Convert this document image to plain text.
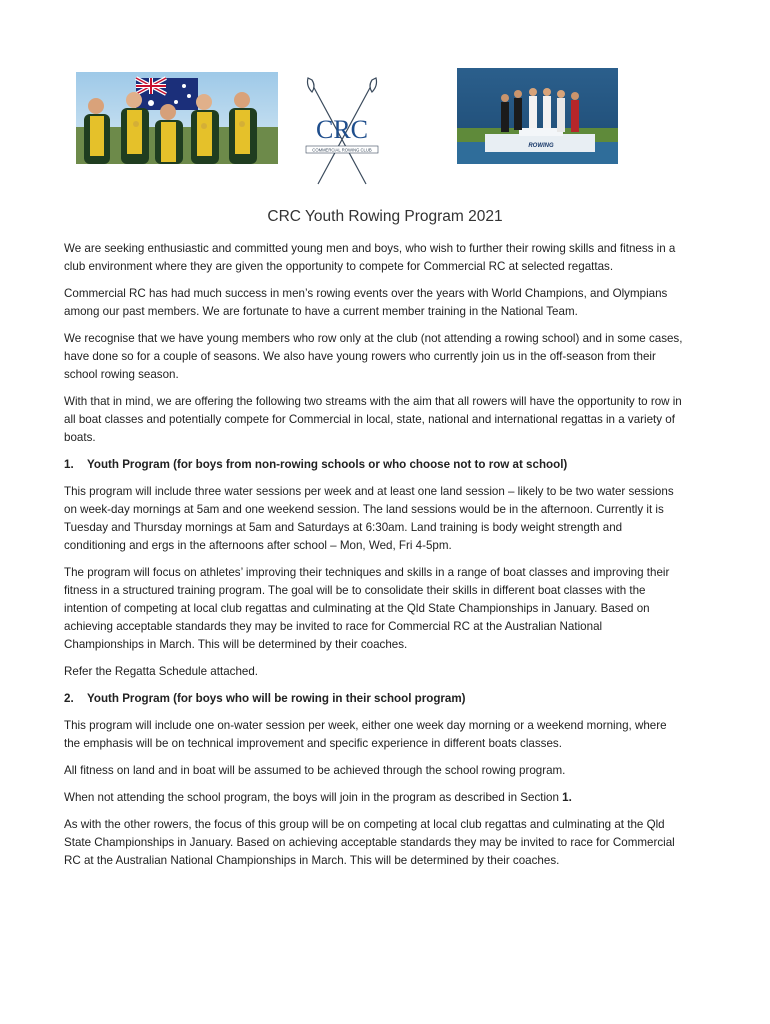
CRC
COMMERCIAL ROWING CLUB
ROWING
CRC Youth Rowing Program 2021

We are seeking enthusiastic and committed young men and boys, who wish to further their rowing skills and fitness in a club environment where they are given the opportunity to compete for Commercial RC at selected regattas.

Commercial RC has had much success in men’s rowing events over the years with World Champions, and Olympians among our past members. We are fortunate to have a current member training in the National Team.

We recognise that we have young members who row only at the club (not attending a rowing school) and in some cases, have done so for a couple of seasons. We also have young rowers who currently join us in the off-season from their school rowing season.

With that in mind, we are offering the following two streams with the aim that all rowers will have the opportunity to row in all boat classes and potentially compete for Commercial in local, state, national and international regattas in a variety of boats.

1. Youth Program (for boys from non-rowing schools or who choose not to row at school)

This program will include three water sessions per week and at least one land session – likely to be two water sessions on week-day mornings at 5am and one weekend session. The land sessions would be in the afternoon. Currently it is Tuesday and Thursday mornings at 5am and Saturdays at 6:30am. Land training is body weight strength and conditioning and ergs in the afternoons after school – Mon, Wed, Fri 4-5pm.

The program will focus on athletes’ improving their techniques and skills in a range of boat classes and improving their fitness in a structured training program. The goal will be to consolidate their skills in different boat classes with the intention of competing at local club regattas and culminating at the Qld State Championships in January. Based on achieving acceptable standards they may be invited to race for Commercial RC at the Australian National Championships in March. This will be determined by their coaches.

Refer the Regatta Schedule attached.

2. Youth Program (for boys who will be rowing in their school program)

This program will include one on-water session per week, either one week day morning or a weekend morning, where the emphasis will be on technical improvement and specific experience in different boats classes.

All fitness on land and in boat will be assumed to be achieved through the school rowing program.

When not attending the school program, the boys will join in the program as described in Section 1.

As with the other rowers, the focus of this group will be on competing at local club regattas and culminating at the Qld State Championships in January. Based on achieving acceptable standards they may be invited to race for Commercial RC at the Australian National Championships in March. This will be determined by their coaches.
